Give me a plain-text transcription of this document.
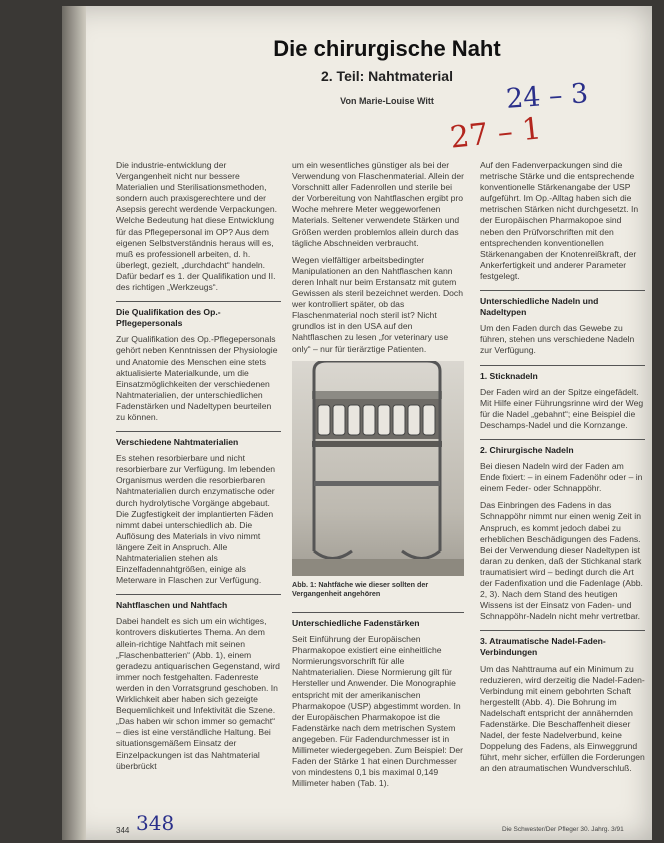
Die chirurgische Naht
2. Teil: Nahtmaterial
Von Marie-Louise Witt	24 – 3
27 – 1

Die industrie-entwicklung der Vergangenheit nicht nur bessere Materialien und Sterilisationsmethoden, sondern auch praxisgerechtere und der Asepsis gerecht werdende Verpackungen. Welche Bedeutung hat diese Entwicklung für das Pflegepersonal im OP? Aus dem eigenen Selbstverständnis heraus will es, muß es professionell arbeiten, d. h. überlegt, gezielt, „durchdacht“ handeln. Dafür bedarf es 1. der Qualifikation und II. des richtigen „Werkzeugs“.

Die Qualifikation des Op.-Pflegepersonals

Zur Qualifikation des Op.-Pflegepersonals gehört neben Kenntnissen der Physiologie und Anatomie des Menschen eine stets aktualisierte Materialkunde, um die Einsatzmöglichkeiten der verschiedenen Nahtmaterialien, der unterschiedlichen Fadenstärken und Nadeltypen beurteilen zu können.

Verschiedene Nahtmaterialien

Es stehen resorbierbare und nicht resorbierbare zur Verfügung. Im lebenden Organismus werden die resorbierbaren Nahtmaterialien durch enzymatische oder durch hydrolytische Vorgänge abgebaut. Die Zugfestigkeit der implantierten Fäden nimmt dabei unterschiedlich ab. Die Auflösung des Materials in vivo nimmt längere Zeit in Anspruch. Alle Nahtmaterialien stehen als Einzelfadennahtgrößen, einige als Meterware in Flaschen zur Verfügung.

Nahtflaschen und Nahtfach

Dabei handelt es sich um ein wichtiges, kontrovers diskutiertes Thema. An dem allein-richtige Nahtfach mit seinen „Flaschenbatterien“ (Abb. 1), einem geradezu antiquarischen Gegenstand, wird immer noch festgehalten. Fadenreste werden in den Vorratsgrund geschoben. In Wirklichkeit aber haben sich gezeigte Bequemlichkeit und Infektivität die Szene. „Das haben wir schon immer so gemacht“ – dies ist eine verständliche Haltung. Bei situationsgemäßem Einsatz der Einzelpackungen ist das Nahtmaterial überbrückt

um ein wesentliches günstiger als bei der Verwendung von Flaschenmaterial. Allein der Vorschnitt aller Fadenrollen und sterile bei der Vorbereitung von Nahtflaschen ergibt pro Woche mehrere Meter weggeworfenen Materials. Seltener verwendete Stärken und Größen werden problemlos allein durch das tägliche Abschneiden verbraucht.

Wegen vielfältiger arbeitsbedingter Manipulationen an den Nahtflaschen kann deren Inhalt nur beim Erstansatz mit gutem Gewissen als steril bezeichnet werden. Doch wer kontrolliert später, ob das Flaschenmaterial noch steril ist? Nicht grundlos ist in den USA auf den Nahtflaschen zu lesen „for veterinary use only“ – nur für tierärztige Patienten.

Abb. 1: Nahtfäche wie dieser sollten der Vergangenheit angehören
Unterschiedliche Fadenstärken

Seit Einführung der Europäischen Pharmakopoe existiert eine einheitliche Normierungsvorschrift für alle Nahtmaterialien. Diese Normierung gilt für Hersteller und Anwender. Die Monographie entspricht mit der amerikanischen Pharmakopoe (USP) abgestimmt worden. In der Europäischen Pharmakopoe ist die Fadenstärke nach dem metrischen System angegeben. Für Fadendurchmesser ist in Millimeter wiedergegeben. Zum Beispiel: Der Faden der Stärke 1 hat einen Durchmesser von mindestens 0,1 bis maximal 0,149 Millimeter haben (Tab. 1).

Auf den Fadenverpackungen sind die metrische Stärke und die entsprechende konventionelle Stärkenangabe der USP aufgeführt. Im Op.-Alltag haben sich die metrischen Stärken nicht durchgesetzt. In der Europäischen Pharmakopoe sind neben den Prüfvorschriften mit den entsprechenden konventionellen Stärkenangaben der Knotenreißkraft, der Ankerfertigkeit und anderer Parameter festgelegt.

Unterschiedliche Nadeln und Nadeltypen

Um den Faden durch das Gewebe zu führen, stehen uns verschiedene Nadeln zur Verfügung.

1. Sticknadeln

Der Faden wird an der Spitze eingefädelt. Mit Hilfe einer Führungsrinne wird der Weg für die Nadel „gebahnt“; eine Beispiel die Deschamps-Nadel und die Kornzange.

2. Chirurgische Nadeln

Bei diesen Nadeln wird der Faden am Ende fixiert: – in einem Fadenöhr oder – in einem Feder- oder Schnappöhr.

Das Einbringen des Fadens in das Schnappöhr nimmt nur einen wenig Zeit in Anspruch, es kommt jedoch dabei zu erheblichen Beschädigungen des Fadens. Bei der Verwendung dieser Nadeltypen ist daran zu denken, daß der Stichkanal stark traumatisiert wird – bedingt durch die Art der Fadenfixation und die Fadenlage (Abb. 2, 3). Nach dem Stand des heutigen Wissens ist der Einsatz von Faden- und Schnappöhr-Nadeln nicht mehr vertretbar.

3. Atraumatische Nadel-Faden-Verbindungen

Um das Nahttrauma auf ein Minimum zu reduzieren, wird derzeitig die Nadel-Faden-Verbindung mit einem gebohrten Schaft hergestellt (Abb. 4). Die Bohrung im Nadelschaft entspricht der annähernden Fadenstärke. Die Beschaffenheit dieser Nadel, der feste Nadelverbund, keine Doppelung des Fadens, als Einweggrund führt, mehr sicher, erfüllen die Forderungen an den atraumatischen Wundverschluß.

344 348	Die Schwester/Der Pfleger 30. Jahrg. 3/91
